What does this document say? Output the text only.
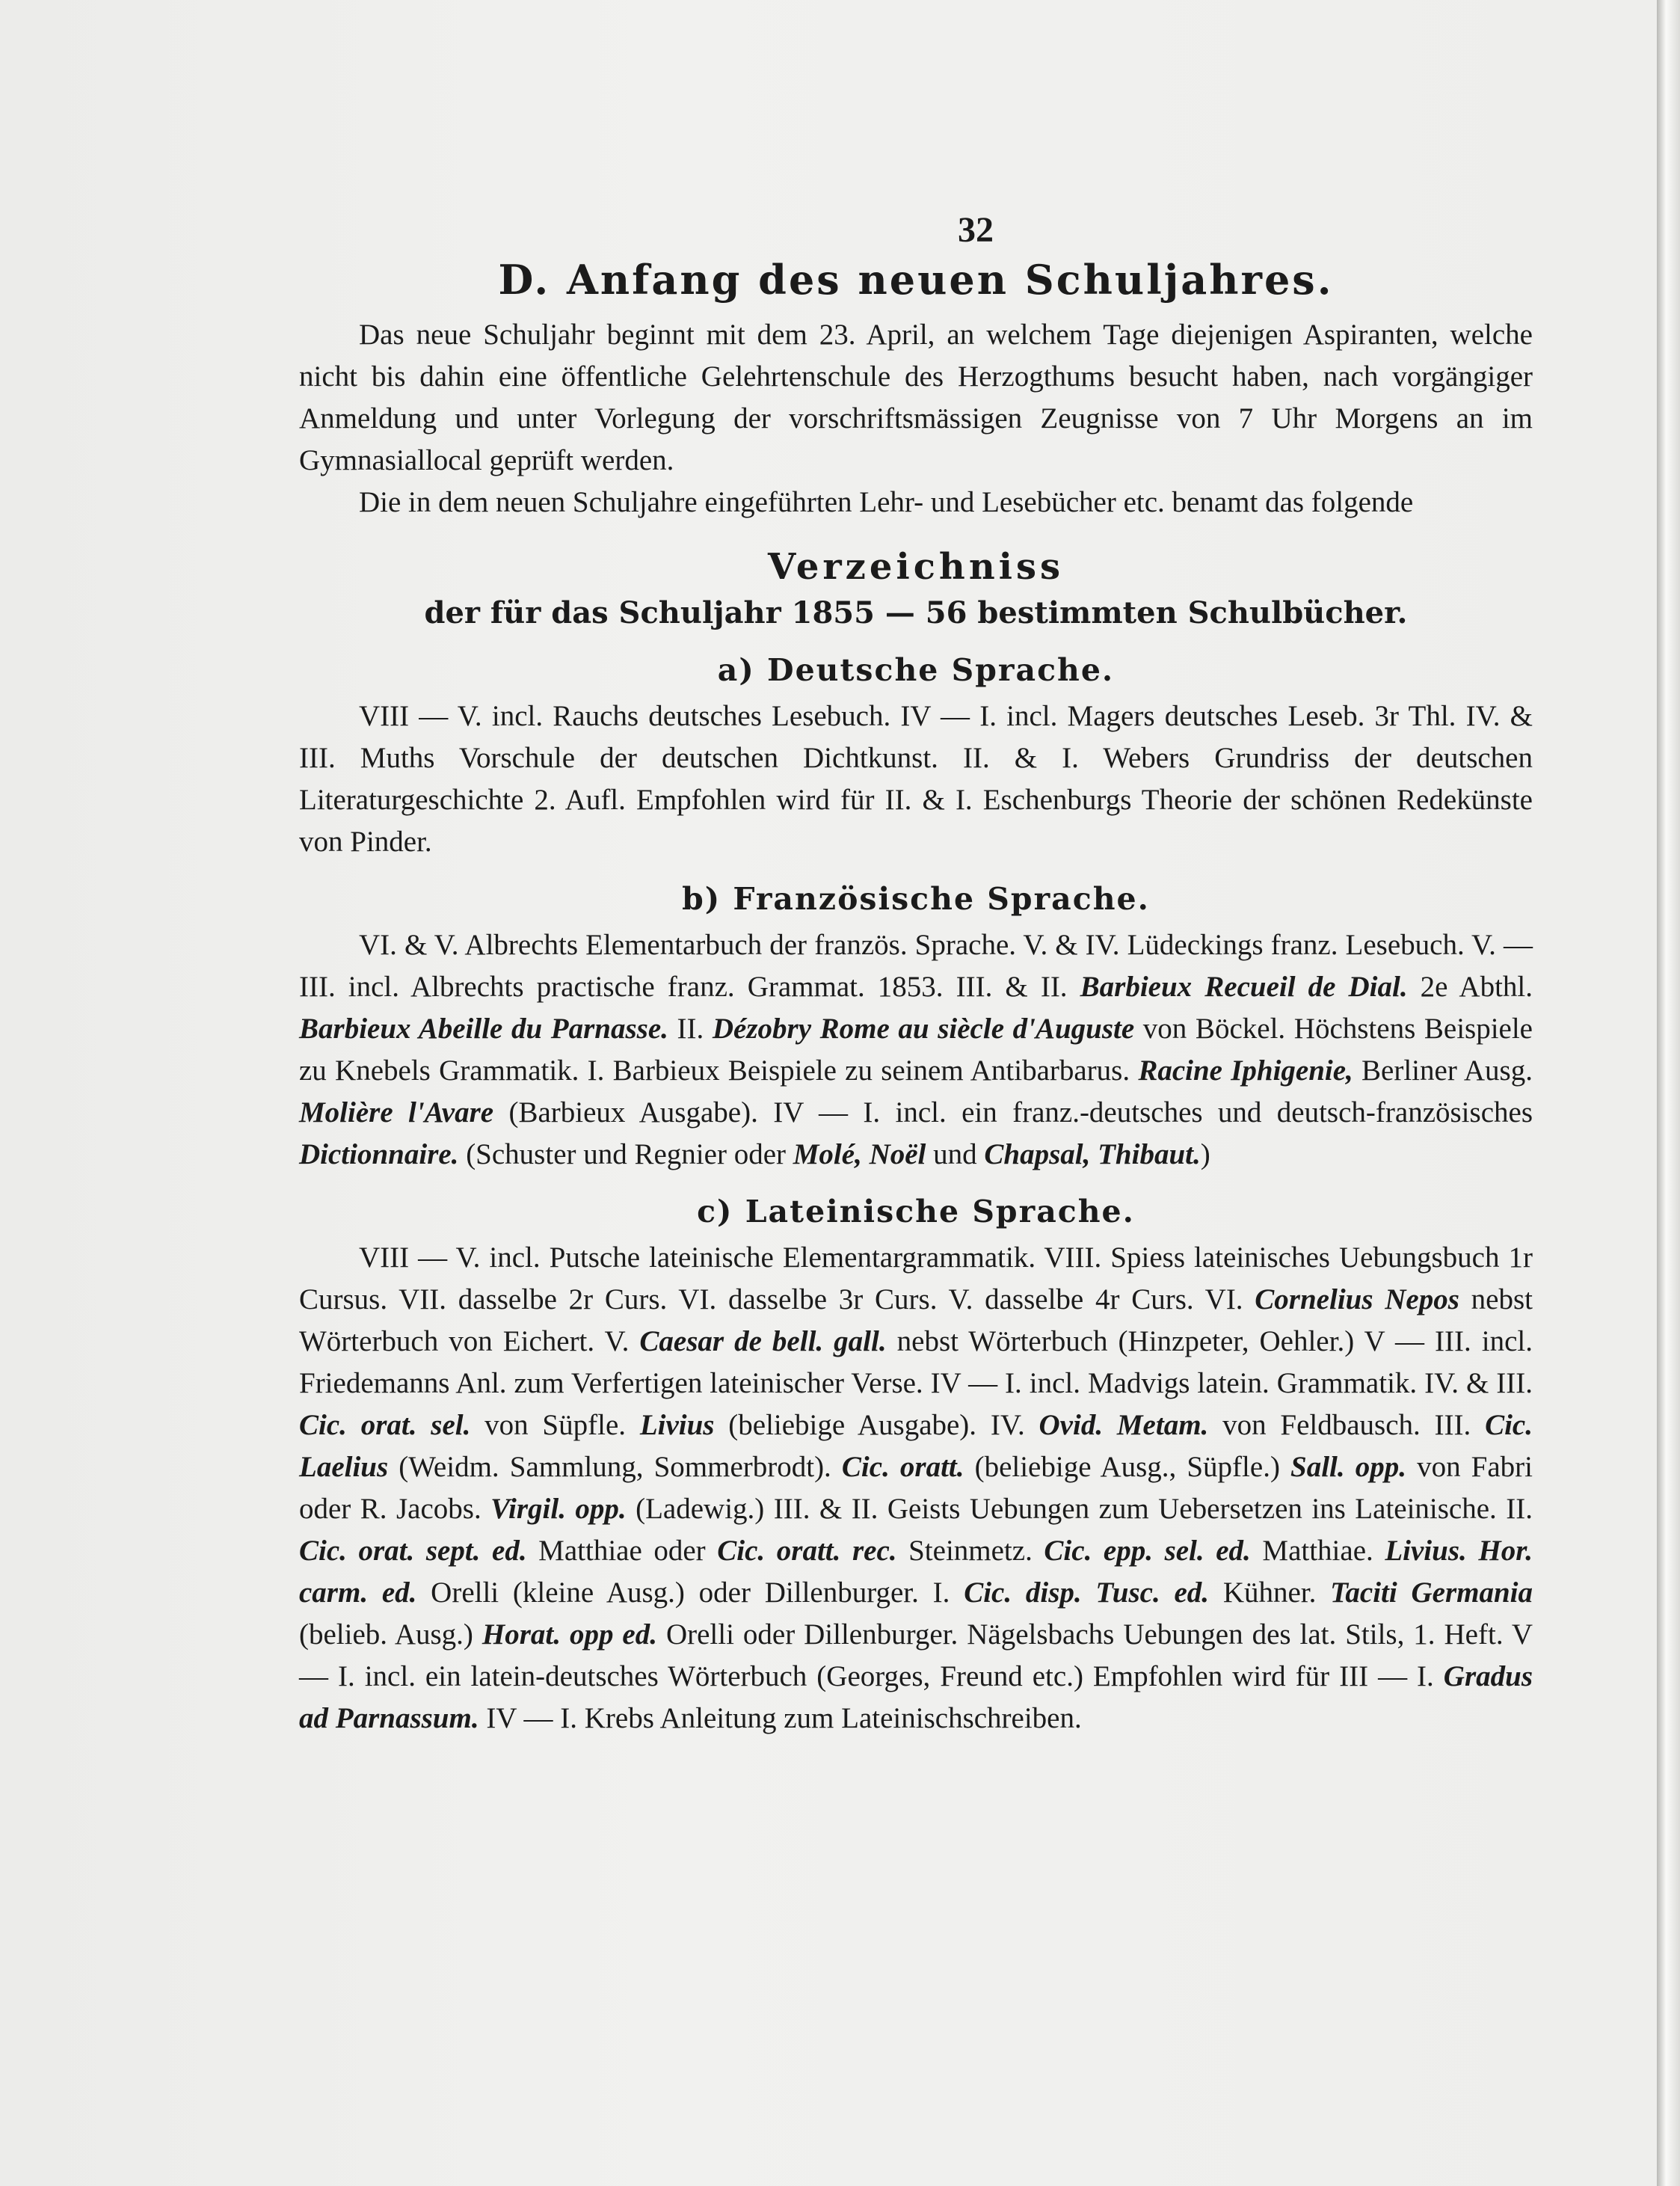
32
D. Anfang des neuen Schuljahres.

Das neue Schuljahr beginnt mit dem 23. April, an welchem Tage diejenigen Aspiranten, welche nicht bis dahin eine öffentliche Gelehrtenschule des Herzogthums besucht haben, nach vorgängiger Anmeldung und unter Vorlegung der vorschriftsmässigen Zeugnisse von 7 Uhr Morgens an im Gymnasiallocal geprüft werden.

Die in dem neuen Schuljahre eingeführten Lehr- und Lesebücher etc. benamt das folgende

Verzeichniss
der für das Schuljahr 1855 — 56 bestimmten Schulbücher.
a) Deutsche Sprache.

VIII — V. incl. Rauchs deutsches Lesebuch. IV — I. incl. Magers deutsches Leseb. 3r Thl. IV. & III. Muths Vorschule der deutschen Dichtkunst. II. & I. Webers Grundriss der deutschen Literaturgeschichte 2. Aufl. Empfohlen wird für II. & I. Eschenburgs Theorie der schönen Redekünste von Pinder.

b) Französische Sprache.

VI. & V. Albrechts Elementarbuch der französ. Sprache. V. & IV. Lüdeckings franz. Lesebuch. V. — III. incl. Albrechts practische franz. Grammat. 1853. III. & II. Barbieux Recueil de Dial. 2e Abthl. Barbieux Abeille du Parnasse. II. Dézobry Rome au siècle d'Auguste von Böckel. Höchstens Beispiele zu Knebels Grammatik. I. Barbieux Beispiele zu seinem Antibarbarus. Racine Iphigenie, Berliner Ausg. Molière l'Avare (Barbieux Ausgabe). IV — I. incl. ein franz.-deutsches und deutsch-französisches Dictionnaire. (Schuster und Regnier oder Molé, Noël und Chapsal, Thibaut.)

c) Lateinische Sprache.

VIII — V. incl. Putsche lateinische Elementargrammatik. VIII. Spiess lateinisches Uebungsbuch 1r Cursus. VII. dasselbe 2r Curs. VI. dasselbe 3r Curs. V. dasselbe 4r Curs. VI. Cornelius Nepos nebst Wörterbuch von Eichert. V. Caesar de bell. gall. nebst Wörterbuch (Hinzpeter, Oehler.) V — III. incl. Friedemanns Anl. zum Verfertigen lateinischer Verse. IV — I. incl. Madvigs latein. Grammatik. IV. & III. Cic. orat. sel. von Süpfle. Livius (beliebige Ausgabe). IV. Ovid. Metam. von Feldbausch. III. Cic. Laelius (Weidm. Sammlung, Sommerbrodt). Cic. oratt. (beliebige Ausg., Süpfle.) Sall. opp. von Fabri oder R. Jacobs. Virgil. opp. (Ladewig.) III. & II. Geists Uebungen zum Uebersetzen ins Lateinische. II. Cic. orat. sept. ed. Matthiae oder Cic. oratt. rec. Steinmetz. Cic. epp. sel. ed. Matthiae. Livius. Hor. carm. ed. Orelli (kleine Ausg.) oder Dillenburger. I. Cic. disp. Tusc. ed. Kühner. Taciti Germania (belieb. Ausg.) Horat. opp ed. Orelli oder Dillenburger. Nägelsbachs Uebungen des lat. Stils, 1. Heft. V — I. incl. ein latein-deutsches Wörterbuch (Georges, Freund etc.) Empfohlen wird für III — I. Gradus ad Parnassum. IV — I. Krebs Anleitung zum Lateinischschreiben.
